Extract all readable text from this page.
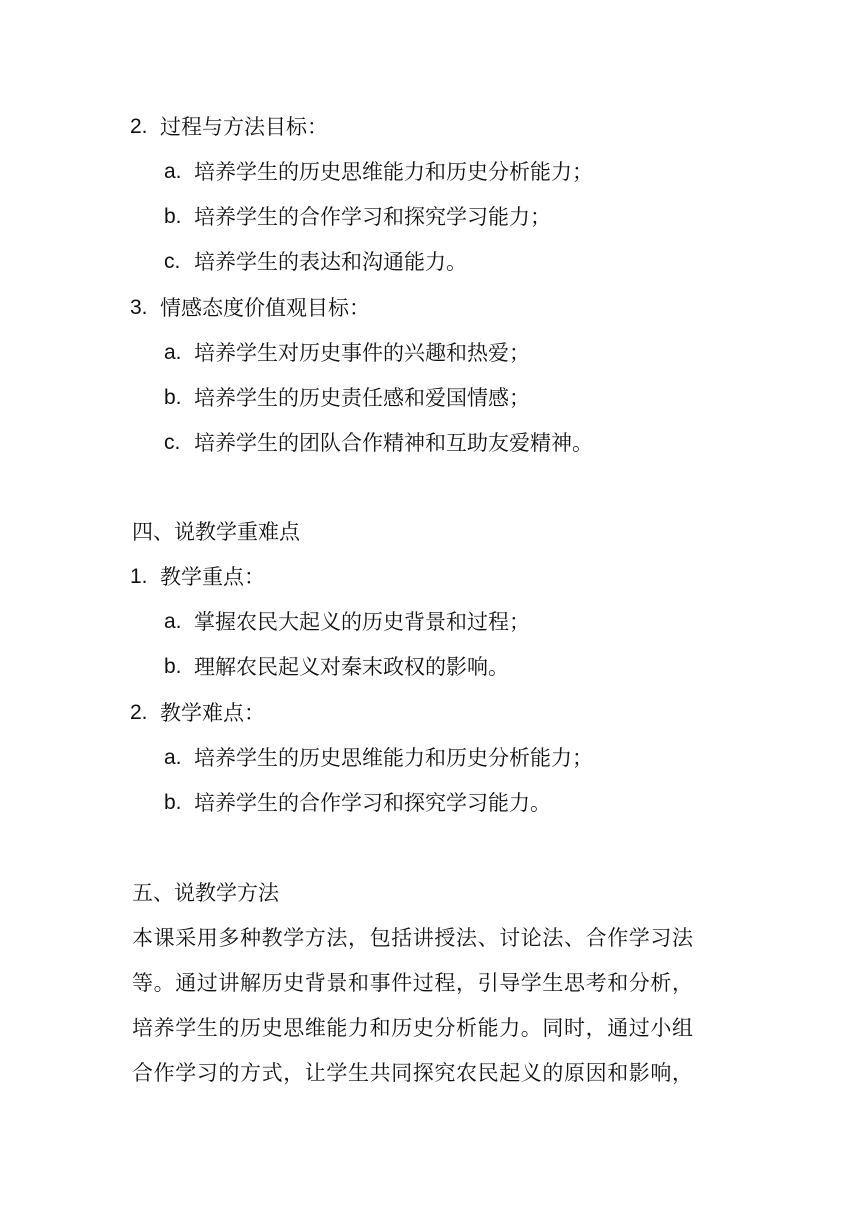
2. 过程与方法目标：
a. 培养学生的历史思维能力和历史分析能力；
b. 培养学生的合作学习和探究学习能力；
c. 培养学生的表达和沟通能力。
3. 情感态度价值观目标：
a. 培养学生对历史事件的兴趣和热爱；
b. 培养学生的历史责任感和爱国情感；
c. 培养学生的团队合作精神和互助友爱精神。
四、说教学重难点
1. 教学重点：
a. 掌握农民大起义的历史背景和过程；
b. 理解农民起义对秦末政权的影响。
2. 教学难点：
a. 培养学生的历史思维能力和历史分析能力；
b. 培养学生的合作学习和探究学习能力。
五、说教学方法
本课采用多种教学方法，包括讲授法、讨论法、合作学习法
等。通过讲解历史背景和事件过程，引导学生思考和分析，
培养学生的历史思维能力和历史分析能力。同时，通过小组
合作学习的方式，让学生共同探究农民起义的原因和影响，
